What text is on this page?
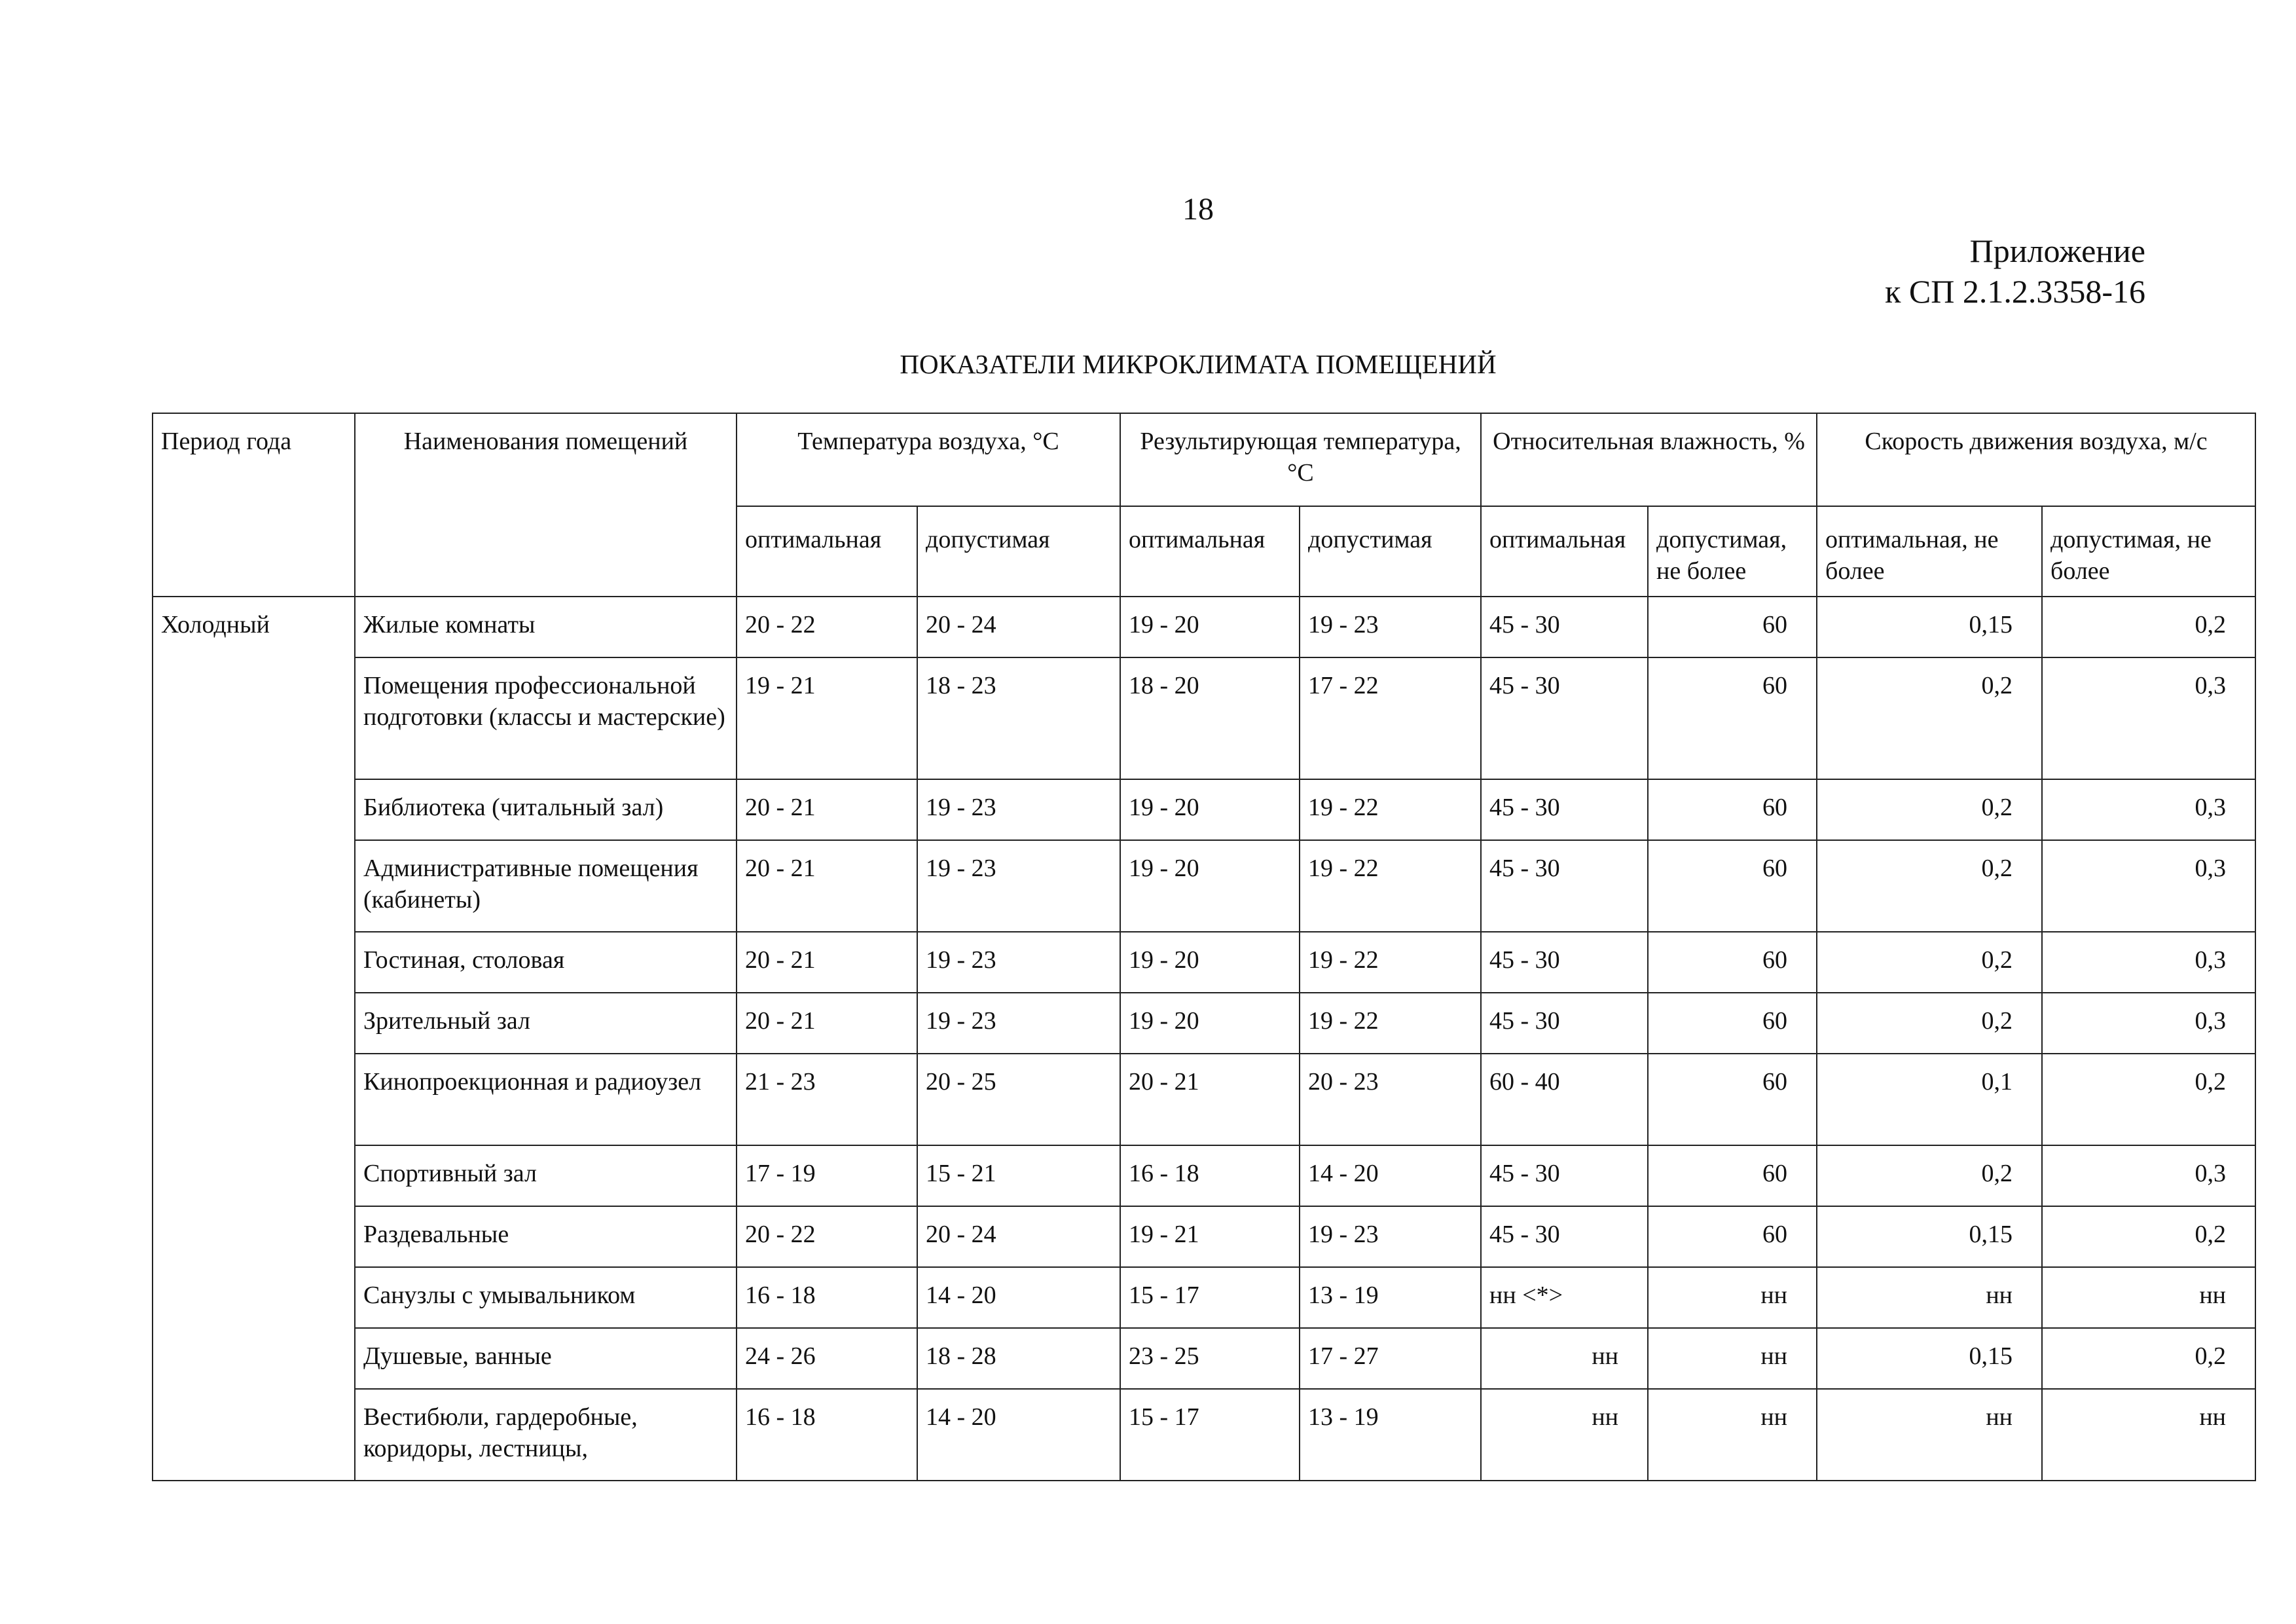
18
Приложение
к СП 2.1.2.3358-16
ПОКАЗАТЕЛИ МИКРОКЛИМАТА ПОМЕЩЕНИЙ
Период года	Наименования помещений	Температура воздуха, °C		Результирующая температура, °C		Относительная влажность, %		Скорость движения воздуха, м/с	
		оптимальная	допустимая	оптимальная	допустимая	оптимальная	допустимая, не более	оптимальная, не более	допустимая, не более
Холодный	Жилые комнаты	20 - 22	20 - 24	19 - 20	19 - 23	45 - 30	60	0,15	0,2
	Помещения профессиональной подготовки (классы и мастерские)	19 - 21	18 - 23	18 - 20	17 - 22	45 - 30	60	0,2	0,3
	Библиотека (читальный зал)	20 - 21	19 - 23	19 - 20	19 - 22	45 - 30	60	0,2	0,3
	Административные помещения (кабинеты)	20 - 21	19 - 23	19 - 20	19 - 22	45 - 30	60	0,2	0,3
	Гостиная, столовая	20 - 21	19 - 23	19 - 20	19 - 22	45 - 30	60	0,2	0,3
	Зрительный зал	20 - 21	19 - 23	19 - 20	19 - 22	45 - 30	60	0,2	0,3
	Кинопроекционная и радиоузел	21 - 23	20 - 25	20 - 21	20 - 23	60 - 40	60	0,1	0,2
	Спортивный зал	17 - 19	15 - 21	16 - 18	14 - 20	45 - 30	60	0,2	0,3
	Раздевальные	20 - 22	20 - 24	19 - 21	19 - 23	45 - 30	60	0,15	0,2
	Санузлы с умывальником	16 - 18	14 - 20	15 - 17	13 - 19	нн <*>	нн	нн	нн
	Душевые, ванные	24 - 26	18 - 28	23 - 25	17 - 27	нн	нн	0,15	0,2
	Вестибюли, гардеробные, коридоры, лестницы,	16 - 18	14 - 20	15 - 17	13 - 19	нн	нн	нн	нн
